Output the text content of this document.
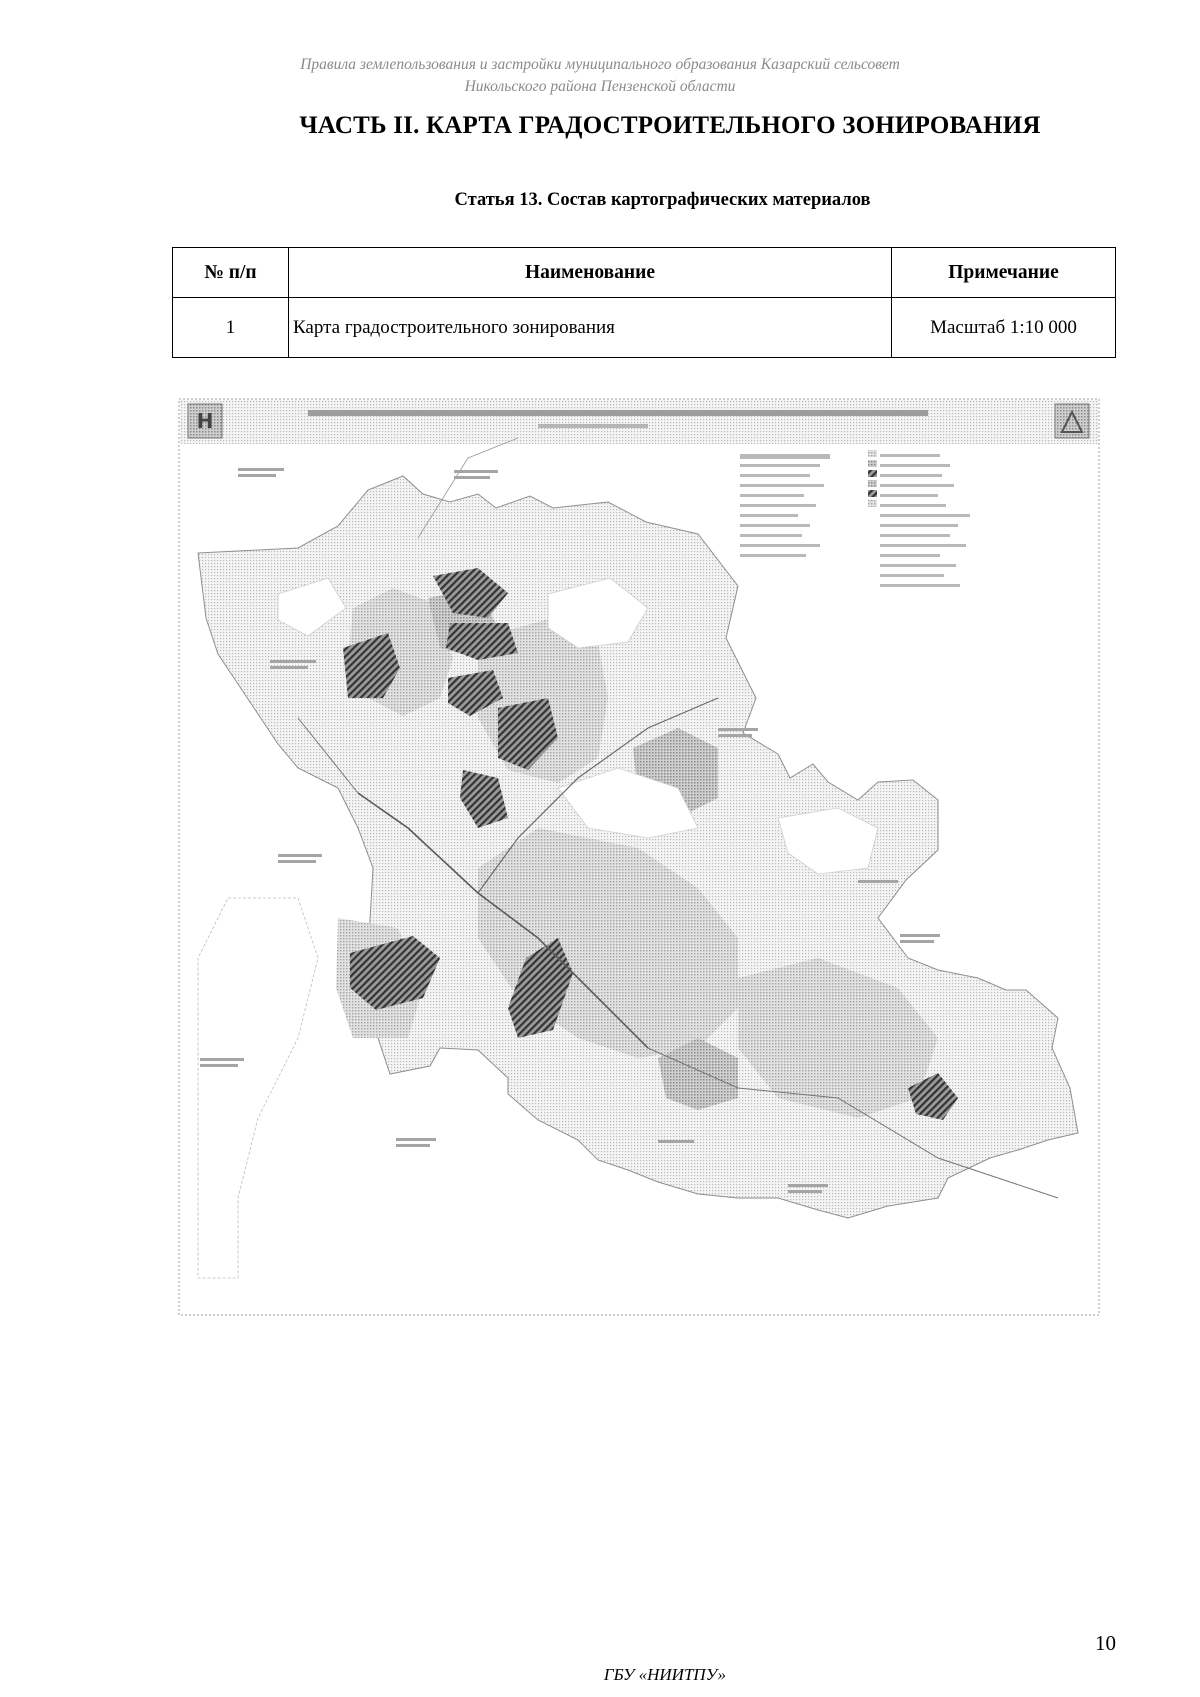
Правила землепользования и застройки муниципального образования Казарский сельсовет
Никольского района Пензенской области
ЧАСТЬ II. КАРТА ГРАДОСТРОИТЕЛЬНОГО ЗОНИРОВАНИЯ
Статья 13. Состав картографических материалов
№ п/п	Наименование	Примечание
1	Карта градостроительного зонирования	Масштаб 1:10 000
Н
10
ГБУ «НИИТПУ»
